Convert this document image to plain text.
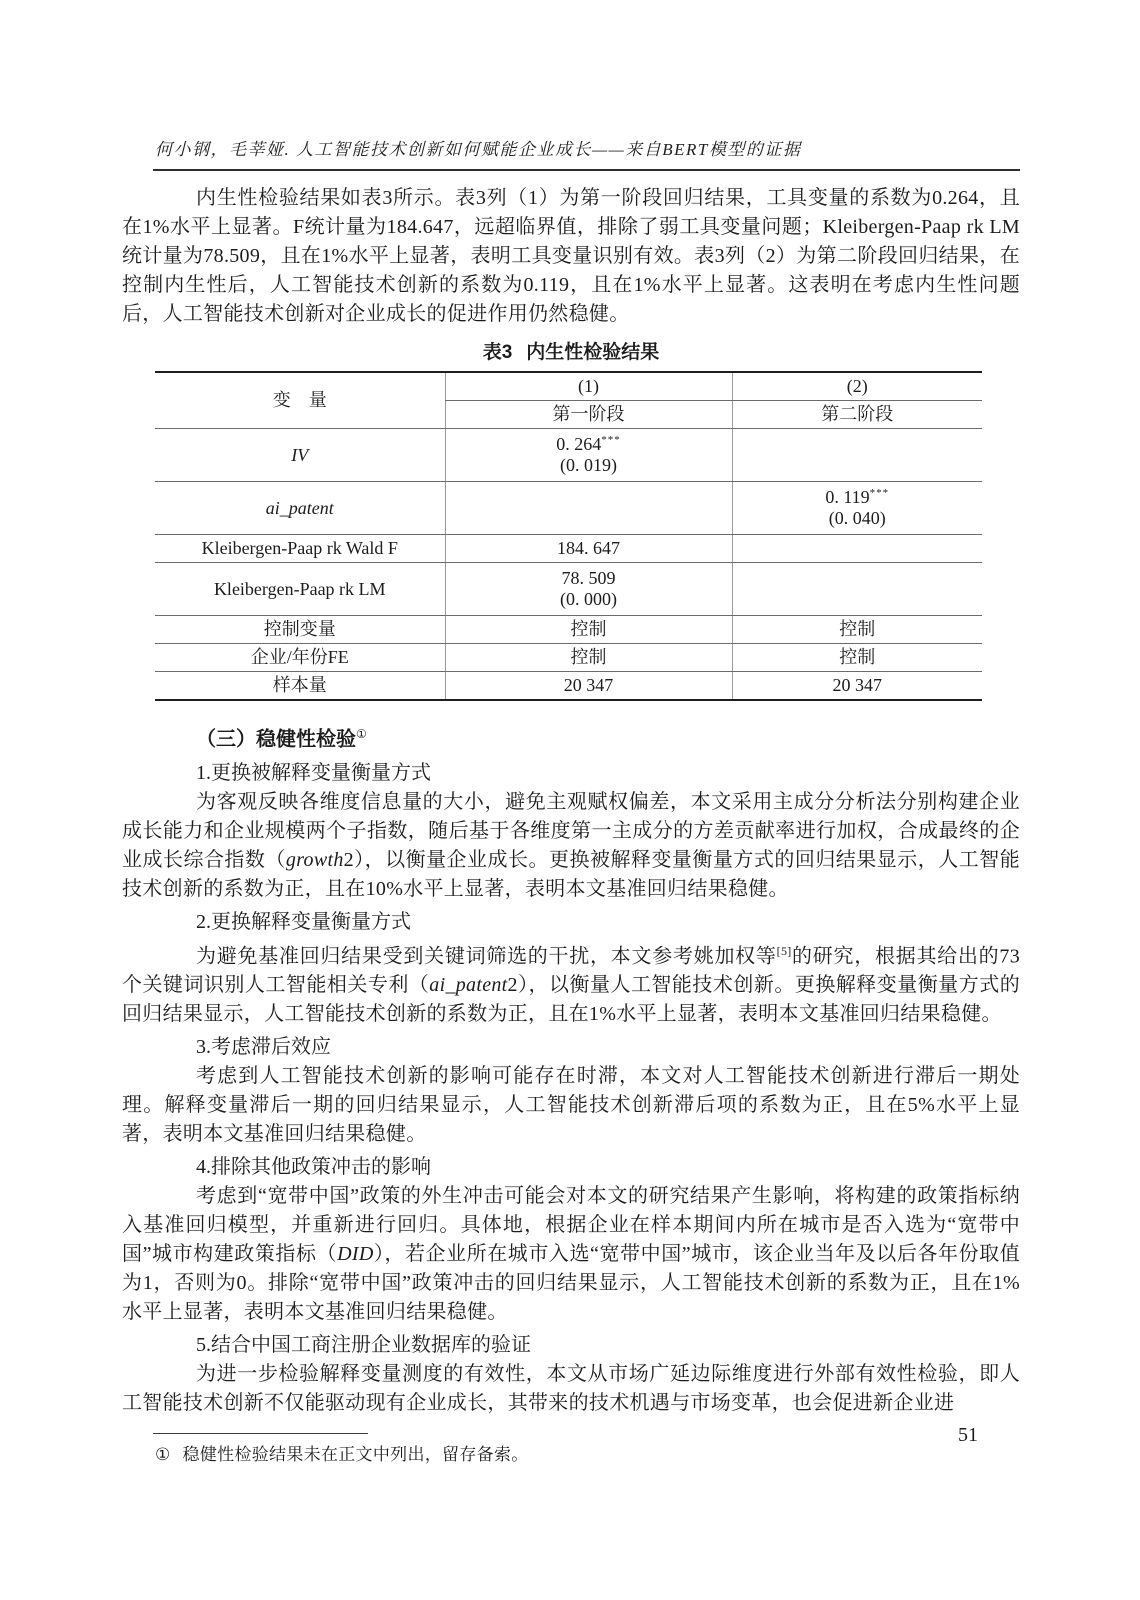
何小钢，毛莘娅. 人工智能技术创新如何赋能企业成长——来自BERT模型的证据

内生性检验结果如表3所示。表3列（1）为第一阶段回归结果，工具变量的系数为0.264，且在1%水平上显著。F统计量为184.647，远超临界值，排除了弱工具变量问题；Kleibergen-Paap rk LM统计量为78.509，且在1%水平上显著，表明工具变量识别有效。表3列（2）为第二阶段回归结果，在控制内生性后，人工智能技术创新的系数为0.119，且在1%水平上显著。这表明在考虑内生性问题后，人工智能技术创新对企业成长的促进作用仍然稳健。

表3 内生性检验结果
变　量	(1)	(2)
	第一阶段	第二阶段
IV	0. 264***
(0. 019)	

ai_patent		0. 119***
(0. 040)

Kleibergen-Paap rk Wald F	184. 647	

Kleibergen-Paap rk LM	78. 509
(0. 000)	

控制变量	控制	控制
企业/年份FE	控制	控制
样本量	20 347	20 347
（三）稳健性检验①
1.更换被解释变量衡量方式

为客观反映各维度信息量的大小，避免主观赋权偏差，本文采用主成分分析法分别构建企业成长能力和企业规模两个子指数，随后基于各维度第一主成分的方差贡献率进行加权，合成最终的企业成长综合指数（growth2），以衡量企业成长。更换被解释变量衡量方式的回归结果显示，人工智能技术创新的系数为正，且在10%水平上显著，表明本文基准回归结果稳健。

2.更换解释变量衡量方式

为避免基准回归结果受到关键词筛选的干扰，本文参考姚加权等[5]的研究，根据其给出的73个关键词识别人工智能相关专利（ai_patent2），以衡量人工智能技术创新。更换解释变量衡量方式的回归结果显示，人工智能技术创新的系数为正，且在1%水平上显著，表明本文基准回归结果稳健。

3.考虑滞后效应

考虑到人工智能技术创新的影响可能存在时滞，本文对人工智能技术创新进行滞后一期处理。解释变量滞后一期的回归结果显示，人工智能技术创新滞后项的系数为正，且在5%水平上显著，表明本文基准回归结果稳健。

4.排除其他政策冲击的影响

考虑到“宽带中国”政策的外生冲击可能会对本文的研究结果产生影响，将构建的政策指标纳入基准回归模型，并重新进行回归。具体地，根据企业在样本期间内所在城市是否入选为“宽带中国”城市构建政策指标（DID），若企业所在城市入选“宽带中国”城市，该企业当年及以后各年份取值为1，否则为0。排除“宽带中国”政策冲击的回归结果显示，人工智能技术创新的系数为正，且在1%水平上显著，表明本文基准回归结果稳健。

5.结合中国工商注册企业数据库的验证

为进一步检验解释变量测度的有效性，本文从市场广延边际维度进行外部有效性检验，即人工智能技术创新不仅能驱动现有企业成长，其带来的技术机遇与市场变革，也会促进新企业进

① 稳健性检验结果未在正文中列出，留存备索。
51
